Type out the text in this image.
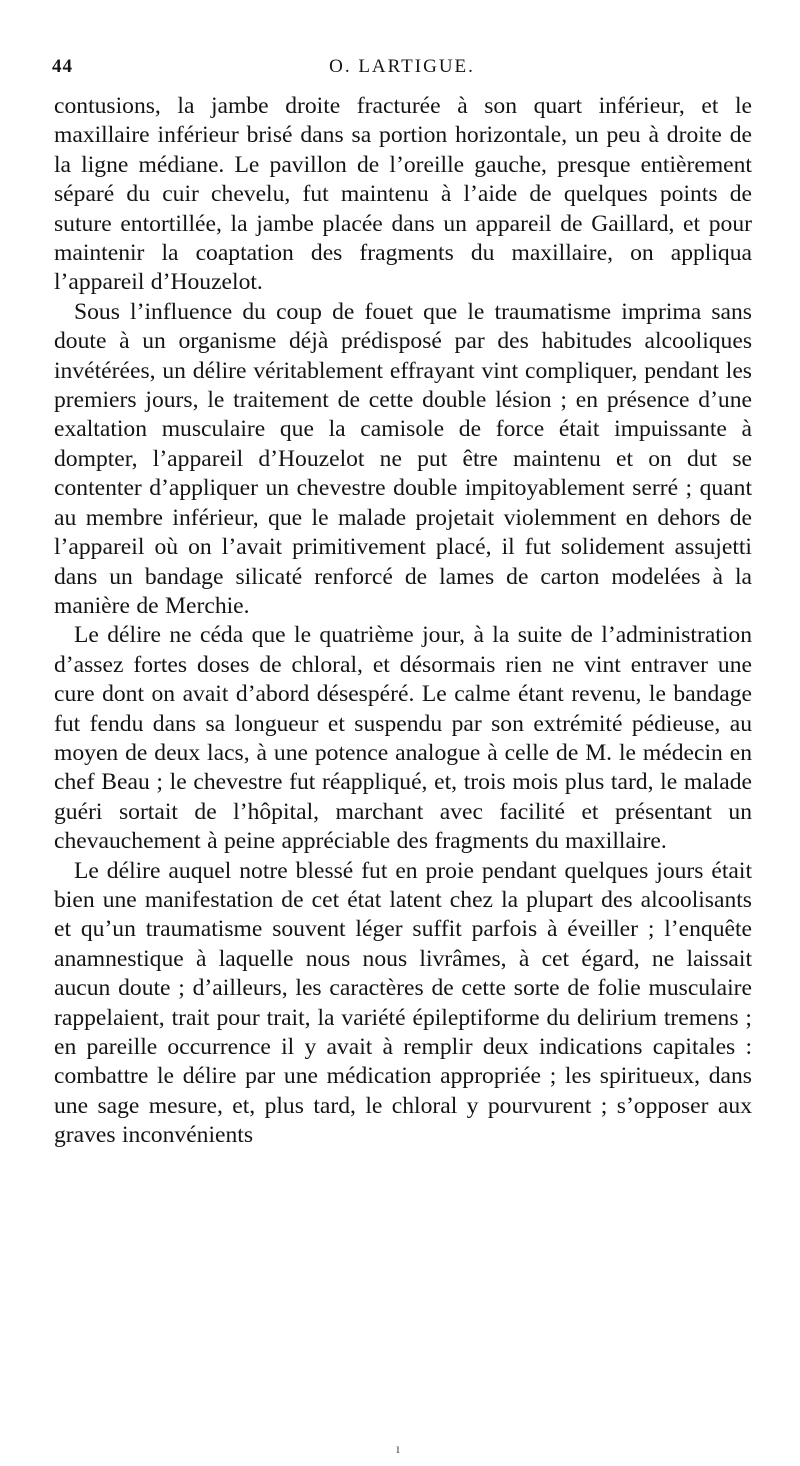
44	O. LARTIGUE.

contusions, la jambe droite fracturée à son quart inférieur, et le maxillaire inférieur brisé dans sa portion horizontale, un peu à droite de la ligne médiane. Le pavillon de l’oreille gauche, presque entièrement séparé du cuir chevelu, fut maintenu à l’aide de quelques points de suture entortillée, la jambe placée dans un appareil de Gaillard, et pour maintenir la coaptation des fragments du maxillaire, on appliqua l’appareil d’Houzelot.

Sous l’influence du coup de fouet que le traumatisme imprima sans doute à un organisme déjà prédisposé par des habitudes alcooliques invétérées, un délire véritablement effrayant vint compliquer, pendant les premiers jours, le traitement de cette double lésion ; en présence d’une exaltation musculaire que la camisole de force était impuissante à dompter, l’appareil d’Houzelot ne put être maintenu et on dut se contenter d’appliquer un chevestre double impitoyablement serré ; quant au membre inférieur, que le malade projetait violemment en dehors de l’appareil où on l’avait primitivement placé, il fut solidement assujetti dans un bandage silicaté renforcé de lames de carton modelées à la manière de Merchie.

Le délire ne céda que le quatrième jour, à la suite de l’administration d’assez fortes doses de chloral, et désormais rien ne vint entraver une cure dont on avait d’abord désespéré. Le calme étant revenu, le bandage fut fendu dans sa longueur et suspendu par son extrémité pédieuse, au moyen de deux lacs, à une potence analogue à celle de M. le médecin en chef Beau ; le chevestre fut réappliqué, et, trois mois plus tard, le malade guéri sortait de l’hôpital, marchant avec facilité et présentant un chevauchement à peine appréciable des fragments du maxillaire.

Le délire auquel notre blessé fut en proie pendant quelques jours était bien une manifestation de cet état latent chez la plupart des alcoolisants et qu’un traumatisme souvent léger suffit parfois à éveiller ; l’enquête anamnestique à laquelle nous nous livrâmes, à cet égard, ne laissait aucun doute ; d’ailleurs, les caractères de cette sorte de folie musculaire rappelaient, trait pour trait, la variété épileptiforme du delirium tremens ; en pareille occurrence il y avait à remplir deux indications capitales : combattre le délire par une médication appropriée ; les spiritueux, dans une sage mesure, et, plus tard, le chloral y pourvurent ; s’opposer aux graves inconvénients

ı
